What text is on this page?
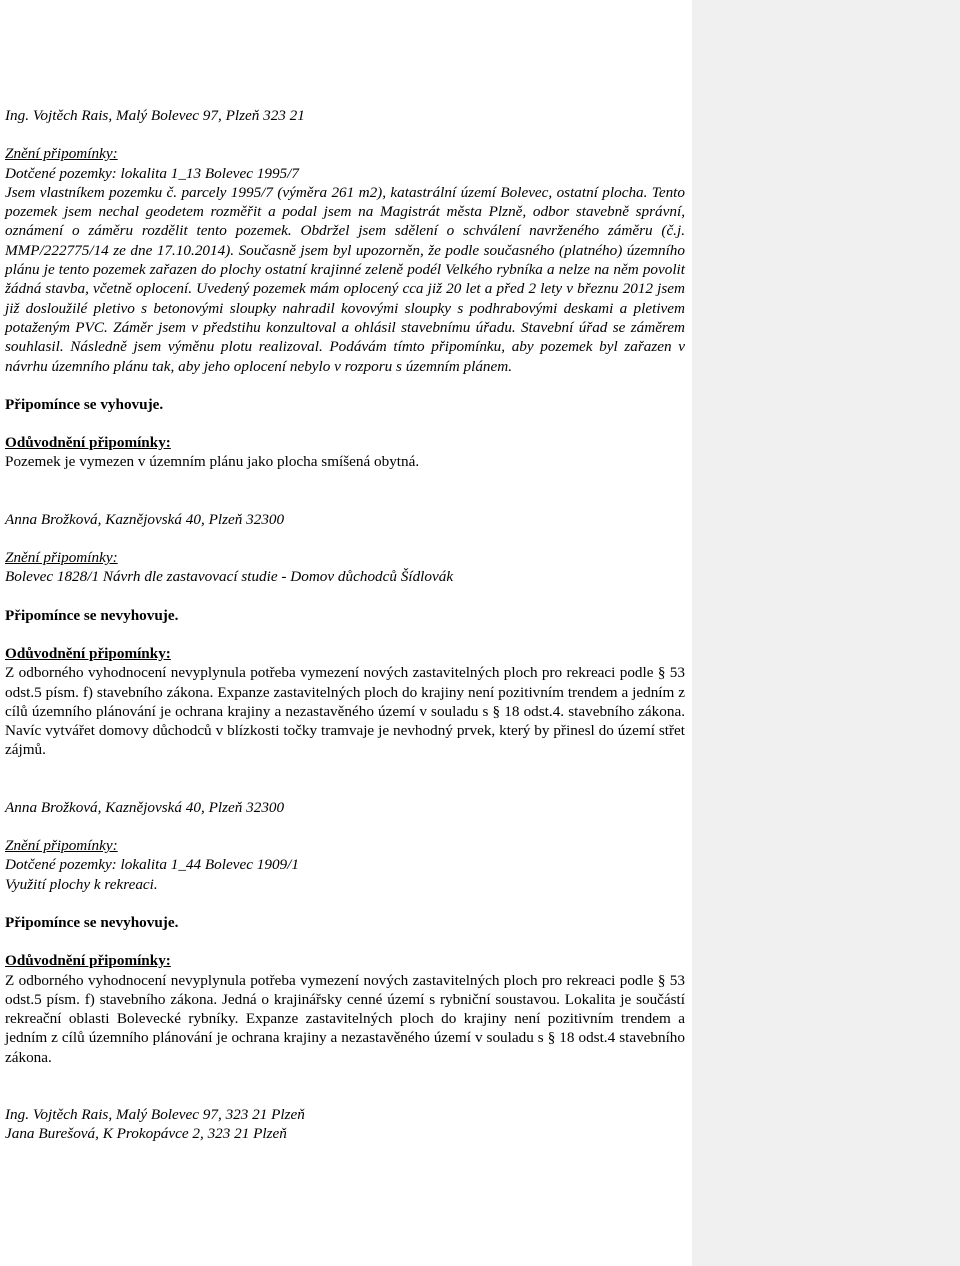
Ing. Vojtěch Rais, Malý Bolevec 97, Plzeň 323 21

Znění připomínky:

Dotčené pozemky: lokalita 1_13 Bolevec 1995/7

Jsem vlastníkem pozemku č. parcely 1995/7 (výměra 261 m2), katastrální území Bolevec, ostatní plocha. Tento pozemek jsem nechal geodetem rozměřit a podal jsem na Magistrát města Plzně, odbor stavebně správní, oznámení o záměru rozdělit tento pozemek. Obdržel jsem sdělení o schválení navrženého záměru (č.j. MMP/222775/14 ze dne 17.10.2014). Současně jsem byl upozorněn, že podle současného (platného) územního plánu je tento pozemek zařazen do plochy ostatní krajinné zeleně podél Velkého rybníka a nelze na něm povolit žádná stavba, včetně oplocení. Uvedený pozemek mám oplocený cca již 20 let a před 2 lety v březnu 2012 jsem již dosloužilé pletivo s betonovými sloupky nahradil kovovými sloupky s podhrabovými deskami a pletivem potaženým PVC. Záměr jsem v předstihu konzultoval a ohlásil stavebnímu úřadu. Stavební úřad se záměrem souhlasil. Následně jsem výměnu plotu realizoval. Podávám tímto připomínku, aby pozemek byl zařazen v návrhu územního plánu tak, aby jeho oplocení nebylo v rozporu s územním plánem.

Připomínce se vyhovuje.

Odůvodnění připomínky:

Pozemek je vymezen v územním plánu jako plocha smíšená obytná.

Anna Brožková, Kaznějovská 40, Plzeň 32300

Znění připomínky:

Bolevec 1828/1 Návrh dle zastavovací studie - Domov důchodců Šídlovák

Připomínce se nevyhovuje.

Odůvodnění připomínky:

Z odborného vyhodnocení nevyplynula potřeba vymezení nových zastavitelných ploch pro rekreaci podle § 53 odst.5 písm. f) stavebního zákona. Expanze zastavitelných ploch do krajiny není pozitivním trendem a jedním z cílů územního plánování je ochrana krajiny a nezastavěného území v souladu s § 18 odst.4. stavebního zákona. Navíc vytvářet domovy důchodců v blízkosti točky tramvaje je nevhodný prvek, který by přinesl do území střet zájmů.

Anna Brožková, Kaznějovská 40, Plzeň 32300

Znění připomínky:

Dotčené pozemky: lokalita 1_44 Bolevec 1909/1

Využití plochy k rekreaci.

Připomínce se nevyhovuje.

Odůvodnění připomínky:

Z odborného vyhodnocení nevyplynula potřeba vymezení nových zastavitelných ploch pro rekreaci podle § 53 odst.5 písm. f) stavebního zákona. Jedná o krajinářsky cenné území s rybniční soustavou. Lokalita je součástí rekreační oblasti Bolevecké rybníky. Expanze zastavitelných ploch do krajiny není pozitivním trendem a jedním z cílů územního plánování je ochrana krajiny a nezastavěného území v souladu s § 18 odst.4 stavebního zákona.

Ing. Vojtěch Rais, Malý Bolevec 97, 323 21 Plzeň

Jana Burešová, K Prokopávce 2, 323 21 Plzeň
